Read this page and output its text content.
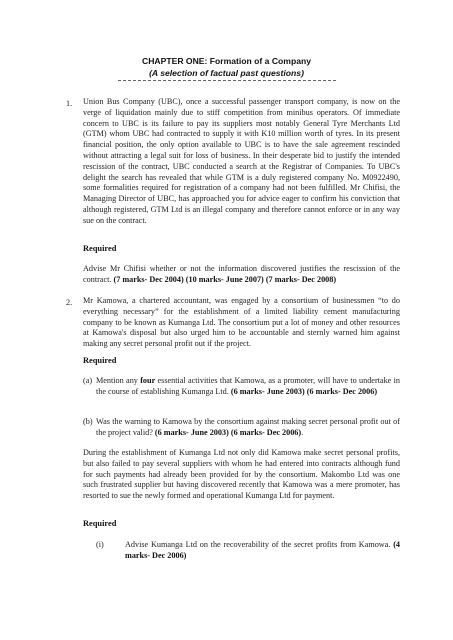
CHAPTER ONE: Formation of a Company
(A selection of factual past questions)
1. Union Bus Company (UBC), once a successful passenger transport company, is now on the verge of liquidation mainly due to stiff competition from minibus operators. Of immediate concern to UBC is its failure to pay its suppliers most notably General Tyre Merchants Ltd (GTM) whom UBC had contracted to supply it with K10 million worth of tyres. In its present financial position, the only option available to UBC is to have the sale agreement rescinded without attracting a legal suit for loss of business. In their desperate bid to justify the intended rescission of the contract, UBC conducted a search at the Registrar of Companies. To UBC's delight the search has revealed that while GTM is a duly registered company No. M0922490, some formalities required for registration of a company had not been fulfilled. Mr Chifisi, the Managing Director of UBC, has approached you for advice eager to confirm his conviction that although registered, GTM Ltd is an illegal company and therefore cannot enforce or in any way sue on the contract.

Required

Advise Mr Chifisi whether or not the information discovered justifies the rescission of the contract. (7 marks- Dec 2004) (10 marks- June 2007) (7 marks- Dec 2008)

2. Mr Kamowa, a chartered accountant, was engaged by a consortium of businessmen “to do everything necessary” for the establishment of a limited liability cement manufacturing company to be known as Kumanga Ltd. The consortium put a lot of money and other resources at Kamowa's disposal but also urged him to be accountable and sternly warned him against making any secret personal profit out if the project.

Required
(a) Mention any four essential activities that Kamowa, as a promoter, will have to undertake in the course of establishing Kumanga Ltd. (6 marks- June 2003) (6 marks- Dec 2006)

(b) Was the warning to Kamowa by the consortium against making secret personal profit out of the project valid? (6 marks- June 2003) (6 marks- Dec 2006).

During the establishment of Kumanga Ltd not only did Kamowa make secret personal profits, but also failed to pay several suppliers with whom he had entered into contracts although fund for such payments had already been provided for by the consortium. Makombo Ltd was one such frustrated supplier but having discovered recently that Kamowa was a mere promoter, has resorted to sue the newly formed and operational Kumanga Ltd for payment.

Required
(i)	Advise Kumanga Ltd on the recoverability of the secret profits from Kamowa. (4 marks- Dec 2006)
